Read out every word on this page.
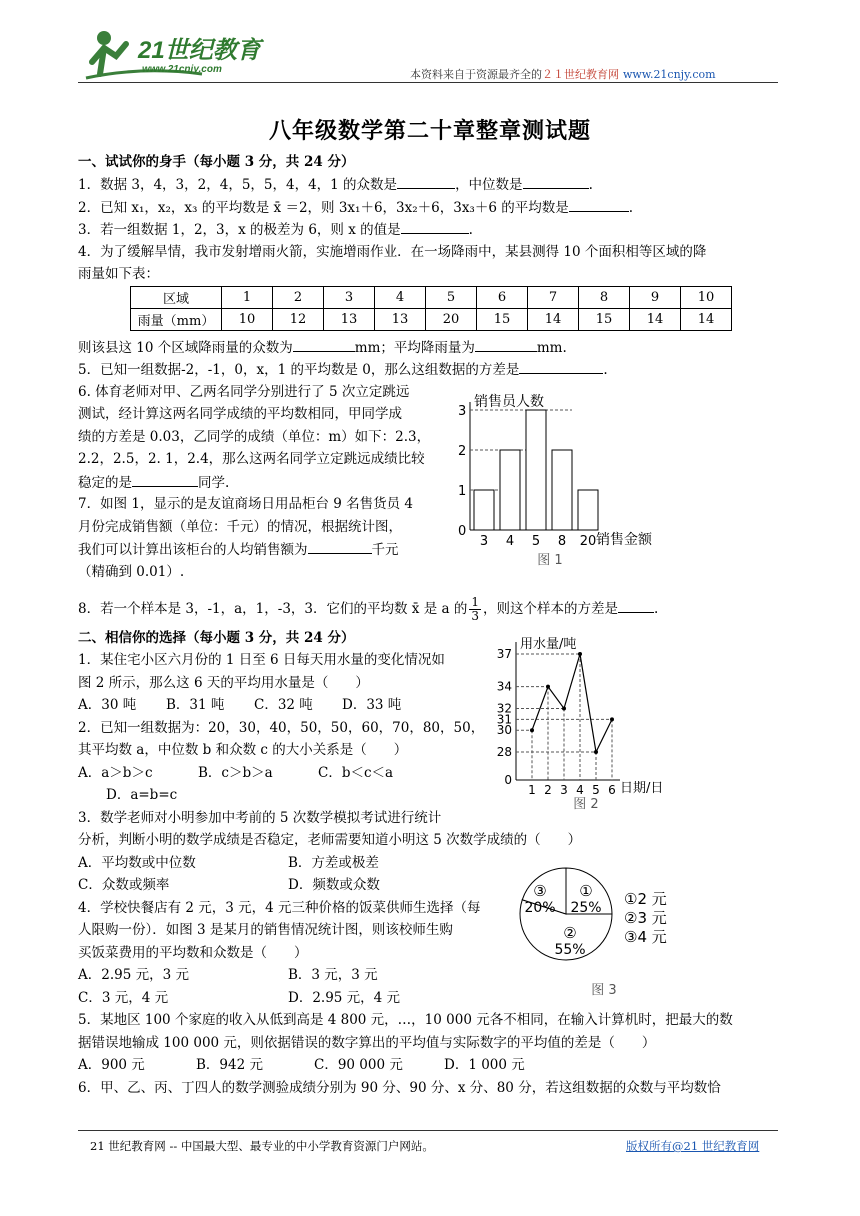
21世纪教育
www.21cnjy.com	本资料来自于资源最齐全的２１世纪教育网 www.21cnjy.com
八年级数学第二十章整章测试题
一、试试你的身手（每小题 3 分，共 24 分）
1．数据 3，4，3，2，4，5，5，4，4，1 的众数是	，中位数是	.
2．已知 x₁，x₂，x₃ 的平均数是 x̄ ＝2，则 3x₁＋6，3x₂＋6，3x₃＋6 的平均数是	.
3．若一组数据 1，2，3，x 的极差为 6，则 x 的值是	.
4．为了缓解旱情，我市发射增雨火箭，实施增雨作业．在一场降雨中，某县测得 10 个面积相等区域的降
雨量如下表：
区域	1	2	3	4	5	6	7	8	9	10
雨量（mm）	10	12	13	13	20	15	14	15	14	14
则该县这 10 个区域降雨量的众数为	mm；平均降雨量为	mm.
5．已知一组数据-2，-1，0，x，1 的平均数是 0，那么这组数据的方差是	.
6. 体育老师对甲、乙两名同学分别进行了 5 次立定跳远
测试，经计算这两名同学成绩的平均数相同，甲同学成
绩的方差是 0.03，乙同学的成绩（单位：m）如下：2.3，
2.2，2.5，2. 1，2.4，那么这两名同学立定跳远成绩比较
稳定的是	同学.
7．如图 1，显示的是友谊商场日用品柜台 9 名售货员 4
月份完成销售额（单位：千元）的情况，根据统计图，
我们可以计算出该柜台的人均销售额为	千元
（精确到 0.01）.
8．若一个样本是 3，-1，a，1，-3，3．它们的平均数 x̄ 是 a 的 $\frac{1}{3}$ ，则这个样本的方差是	.
销售员人数
销售金额
0
1
2
3
3 4 5 8 20
图 1
二、相信你的选择（每小题 3 分，共 24 分）
1．某住宅小区六月份的 1 日至 6 日每天用水量的变化情况如
图 2 所示，那么这 6 天的平均用水量是（　　）
A．30 吨 B．31 吨 C．32 吨 D．33 吨
2．已知一组数据为：20，30，40，50，50，60，70，80，50，
其平均数 a，中位数 b 和众数 c 的大小关系是（　　）
A．a＞b＞c	B．c＞b＞a	C．b＜c＜a
D．a=b=c
3．数学老师对小明参加中考前的 5 次数学模拟考试进行统计
分析，判断小明的数学成绩是否稳定，老师需要知道小明这 5 次数学成绩的（　　）
A．平均数或中位数	B．方差或极差
C．众数或频率	D．频数或众数
4．学校快餐店有 2 元，3 元，4 元三种价格的饭菜供师生选择（每
人限购一份）．如图 3 是某月的销售情况统计图，则该校师生购
买饭菜费用的平均数和众数是（　　）
A．2.95 元，3 元	B．3 元，3 元
C．3 元，4 元	D．2.95 元，4 元
5．某地区 100 个家庭的收入从低到高是 4 800 元，…，10 000 元各不相同，在输入计算机时，把最大的数
据错误地输成 100 000 元，则依据错误的数字算出的平均值与实际数字的平均值的差是（　　）
A．900 元	B．942 元	C．90 000 元	D．1 000 元
6．甲、乙、丙、丁四人的数学测验成绩分别为 90 分、90 分、x 分、80 分，若这组数据的众数与平均数恰
用水量/吨
日期/日
0
28
30
31
32
34
37
1 2 3 4 5 6
图 2
①
25%
②
55%
③
20%	①2 元
②3 元
③4 元
图 3
21 世纪教育网 -- 中国最大型、最专业的中小学教育资源门户网站。	版权所有@21 世纪教育网
